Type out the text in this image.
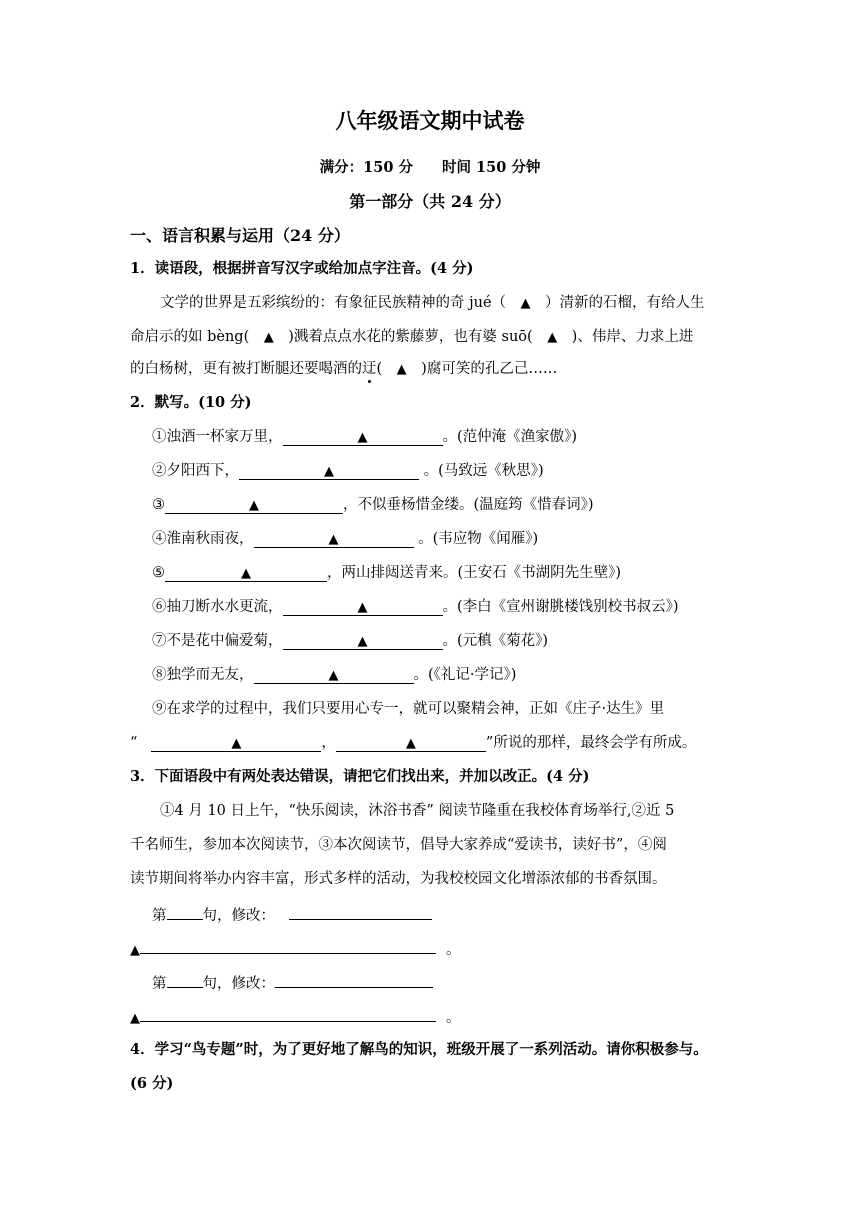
八年级语文期中试卷
满分：150 分　　时间 150 分钟
第一部分（共 24 分）
一、语言积累与运用（24 分）
1．读语段，根据拼音写汉字或给加点字注音。(4 分)
文学的世界是五彩缤纷的：有象征民族精神的奇 jué（　▲　）清新的石榴，有给人生
命启示的如 bèng(　▲　)溅着点点水花的紫藤萝，也有婆 suō(　▲　)、伟岸、力求上进
的白杨树，更有被打断腿还要喝酒的迂(　▲　)腐可笑的孔乙己……
2．默写。(10 分)
①浊酒一杯家万里，	▲	。(范仲淹《渔家傲》)
②夕阳西下，	▲	。(马致远《秋思》)
③	▲	，不似垂杨惜金缕。(温庭筠《惜春词》)
④淮南秋雨夜，	▲	。(韦应物《闻雁》)
⑤	▲	，两山排闼送青来。(王安石《书湖阴先生壁》)
⑥抽刀断水水更流，	▲	。(李白《宣州谢朓楼饯别校书叔云》)
⑦不是花中偏爱菊，	▲	。(元稹《菊花》)
⑧独学而无友，	▲	。(《礼记·学记》)
⑨在求学的过程中，我们只要用心专一，就可以聚精会神，正如《庄子·达生》里
“	▲	，	▲	”所说的那样，最终会学有所成。
3．下面语段中有两处表达错误，请把它们找出来，并加以改正。(4 分)
①4 月 10 日上午，“快乐阅读，沐浴书香” 阅读节隆重在我校体育场举行,②近 5
千名师生，参加本次阅读节，③本次阅读节，倡导大家养成“爱读书，读好书”，④阅
读节期间将举办内容丰富，形式多样的活动，为我校校园文化增添浓郁的书香氛围。
第 句，修改：
▲	。
第 句，修改：
▲	。
4．学习“鸟专题”时，为了更好地了解鸟的知识，班级开展了一系列活动。请你积极参与。
(6 分)
